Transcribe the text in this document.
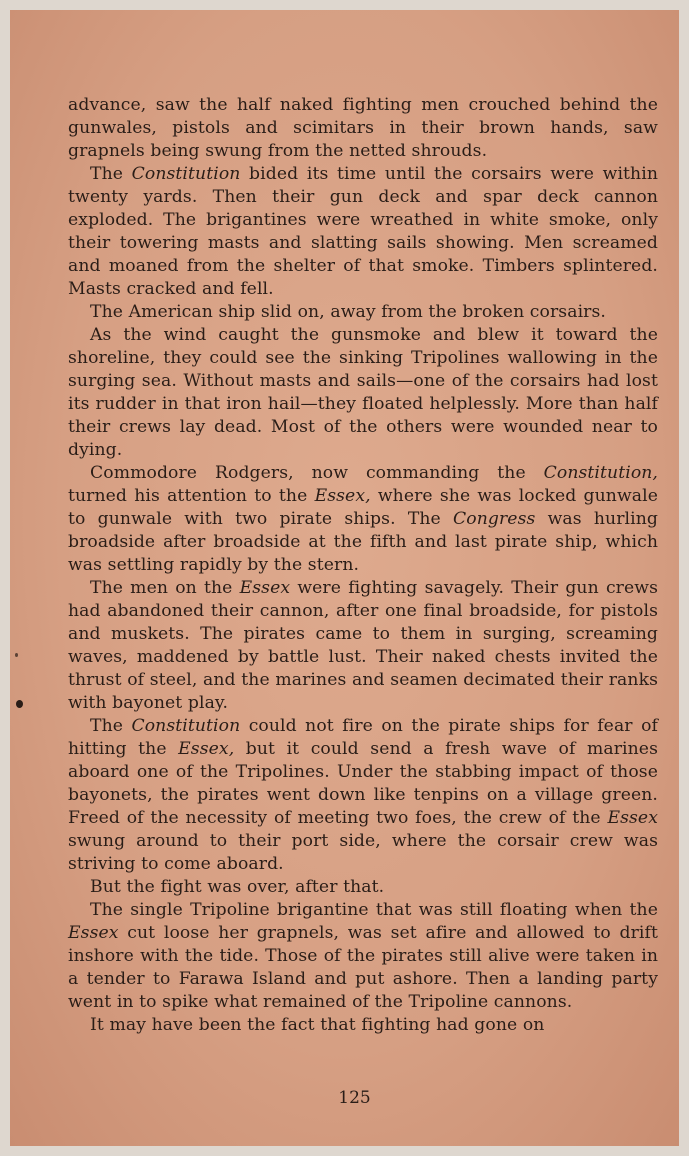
advance, saw the half naked fighting men crouched behind the gunwales, pistols and scimitars in their brown hands, saw grapnels being swung from the netted shrouds.

The Constitution bided its time until the corsairs were within twenty yards. Then their gun deck and spar deck cannon exploded. The brigantines were wreathed in white smoke, only their towering masts and slatting sails showing. Men screamed and moaned from the shelter of that smoke. Timbers splintered. Masts cracked and fell.

The American ship slid on, away from the broken corsairs.

As the wind caught the gunsmoke and blew it toward the shoreline, they could see the sinking Tripolines wallowing in the surging sea. Without masts and sails—one of the corsairs had lost its rudder in that iron hail—they floated helplessly. More than half their crews lay dead. Most of the others were wounded near to dying.

Commodore Rodgers, now commanding the Constitution, turned his attention to the Essex, where she was locked gunwale to gunwale with two pirate ships. The Congress was hurling broadside after broadside at the fifth and last pirate ship, which was settling rapidly by the stern.

The men on the Essex were fighting savagely. Their gun crews had abandoned their cannon, after one final broadside, for pistols and muskets. The pirates came to them in surging, screaming waves, maddened by battle lust. Their naked chests invited the thrust of steel, and the marines and seamen decimated their ranks with bayonet play.

The Constitution could not fire on the pirate ships for fear of hitting the Essex, but it could send a fresh wave of marines aboard one of the Tripolines. Under the stabbing impact of those bayonets, the pirates went down like tenpins on a village green. Freed of the necessity of meeting two foes, the crew of the Essex swung around to their port side, where the corsair crew was striving to come aboard.

But the fight was over, after that.

The single Tripoline brigantine that was still floating when the Essex cut loose her grapnels, was set afire and allowed to drift inshore with the tide. Those of the pirates still alive were taken in a tender to Farawa Island and put ashore. Then a landing party went in to spike what remained of the Tripoline cannons.

It may have been the fact that fighting had gone on

125
